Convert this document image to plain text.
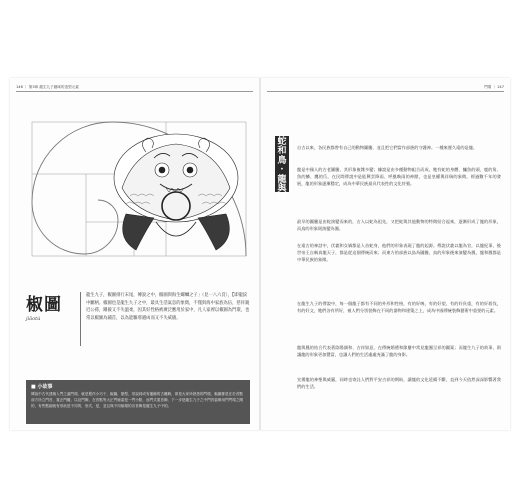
146 ｜ 第3章 龍生九子趣味的造型元素
椒圖
jiāotú
龍生九子，椒圖排行末尾，傳說之中，椒圖與海生螺螄之子」（見一八六頁），【即龍紋中屬柄。椒圖也是龍生九子之中，最具生活氣息的象徵，不僅與海中家族為伍，慈祥親近公孫，剛毅又不失溫柔，因其好性格被廣泛應用於家中，凡人家裡以椒圖為門環，也常以椒圖為鋪首，以為能驅邪避凶而又不失威儀。
■ 小故事
傳說中古代建築入門之處門環，就是製作小巧于，椒圖，類型，常說到或有龍種的古雕飾，即是大家所熟悉的門環，椒圖都是在於首點前方所立門首，寬正門雕，以及門飾，在首點等大正門檢索是一門小點，而門式寬首飾，下一步是龍生九子之中門首裝飾用門門環之聞的，有些點綴就有形狀是不同的，形式，是，並且與不同檢環的各首飾是龍生九子中的。
門環 ｜ 147
蛇
和
鳥
·
龍
與
鳳
自古以來，各民族都曾有自己的動物圖騰，並且把它們當作部族的守護神。一種來歷久遠的是龍。
龍是中國人的古老圖騰，其形象複雜多變；據說是由多種動物組合而成，牠有蛇的身體、鱷魚的頭、鹿的角、魚的鱗、鷹的爪，在民間傳說中是能興雲降雨、呼風喚雨的神獸，也是皇權與祥瑞的象徵，經過數千年的發展，龍的形象逐漸穩定，成為中華民族最具代表性的文化符號。
最早的圖騰是由蛇演變而來的，古人以蛇為祖先，又把蛇與其他動物的特徵結合起來，逐漸形成了龍的形象，而鳥的形象則演變為鳳。
在遠古的神話中，伏羲和女媧都是人首蛇身，他們的形象表現了龍的起源。傳說伏羲以龍為官，以龍紀事，後世帝王自稱真龍天子，都是從這個傳統而來；而東方的部族以鳥為圖騰，鳥的形象後來演變為鳳，龍和鳳都是中華民族的象徵。
在龍生九子的傳說中，每一個龍子都有不同的外形和性格，有的好鳴，有的好望，有的好負重，有的好殺伐，有的好文，牠們各有所好，被人們分別裝飾在不同的器物和建築之上，成為中國傳統裝飾藝術中重要的元素。
龍與鳳的結合代表著陰陽調和、吉祥如意，在傳統婚禮和節慶中常見龍鳳呈祥的圖案；而龍生九子的故事，則讓龍的形象更加豐富，也讓人們的生活處處充滿了龍的身影。
宣揚龍的神聖與威嚴，同時也寄託人們對平安吉祥的期盼，讓龍的文化延續不斷，直到今天依然深深影響著我們的生活。
